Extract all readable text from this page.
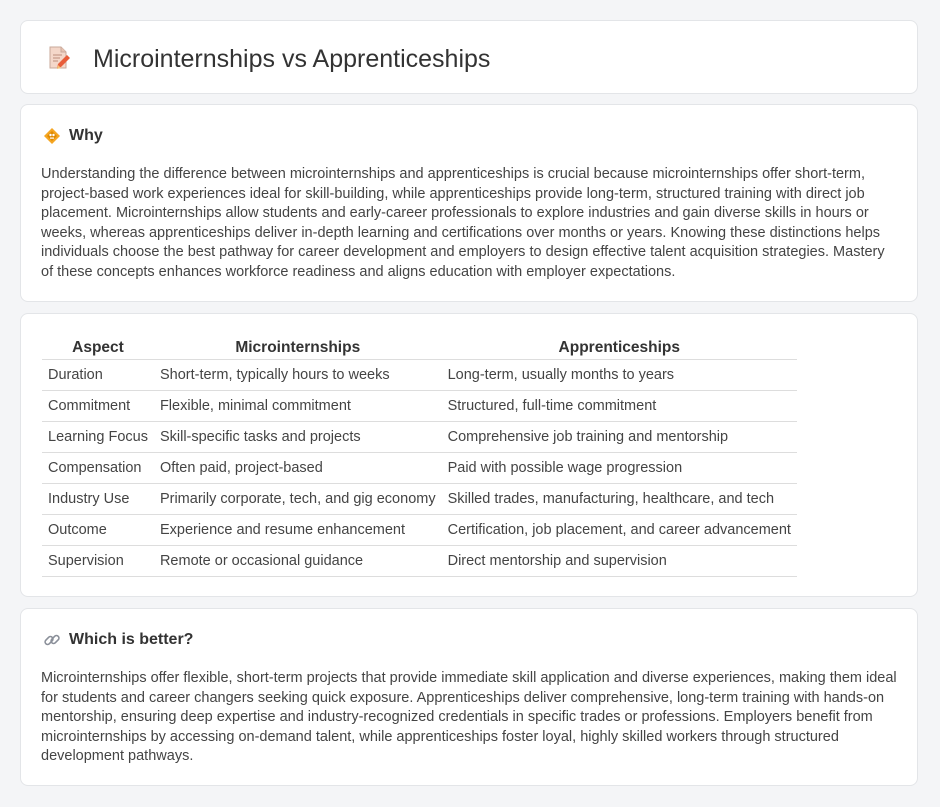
Microinternships vs Apprenticeships
Why

Understanding the difference between microinternships and apprenticeships is crucial because microinternships offer short-term, project-based work experiences ideal for skill-building, while apprenticeships provide long-term, structured training with direct job placement. Microinternships allow students and early-career professionals to explore industries and gain diverse skills in hours or weeks, whereas apprenticeships deliver in-depth learning and certifications over months or years. Knowing these distinctions helps individuals choose the best pathway for career development and employers to design effective talent acquisition strategies. Mastery of these concepts enhances workforce readiness and aligns education with employer expectations.

Aspect	Microinternships	Apprenticeships
Duration	Short-term, typically hours to weeks	Long-term, usually months to years
Commitment	Flexible, minimal commitment	Structured, full-time commitment
Learning Focus	Skill-specific tasks and projects	Comprehensive job training and mentorship
Compensation	Often paid, project-based	Paid with possible wage progression
Industry Use	Primarily corporate, tech, and gig economy	Skilled trades, manufacturing, healthcare, and tech
Outcome	Experience and resume enhancement	Certification, job placement, and career advancement
Supervision	Remote or occasional guidance	Direct mentorship and supervision
Which is better?

Microinternships offer flexible, short-term projects that provide immediate skill application and diverse experiences, making them ideal for students and career changers seeking quick exposure. Apprenticeships deliver comprehensive, long-term training with hands-on mentorship, ensuring deep expertise and industry-recognized credentials in specific trades or professions. Employers benefit from microinternships by accessing on-demand talent, while apprenticeships foster loyal, highly skilled workers through structured development pathways.
